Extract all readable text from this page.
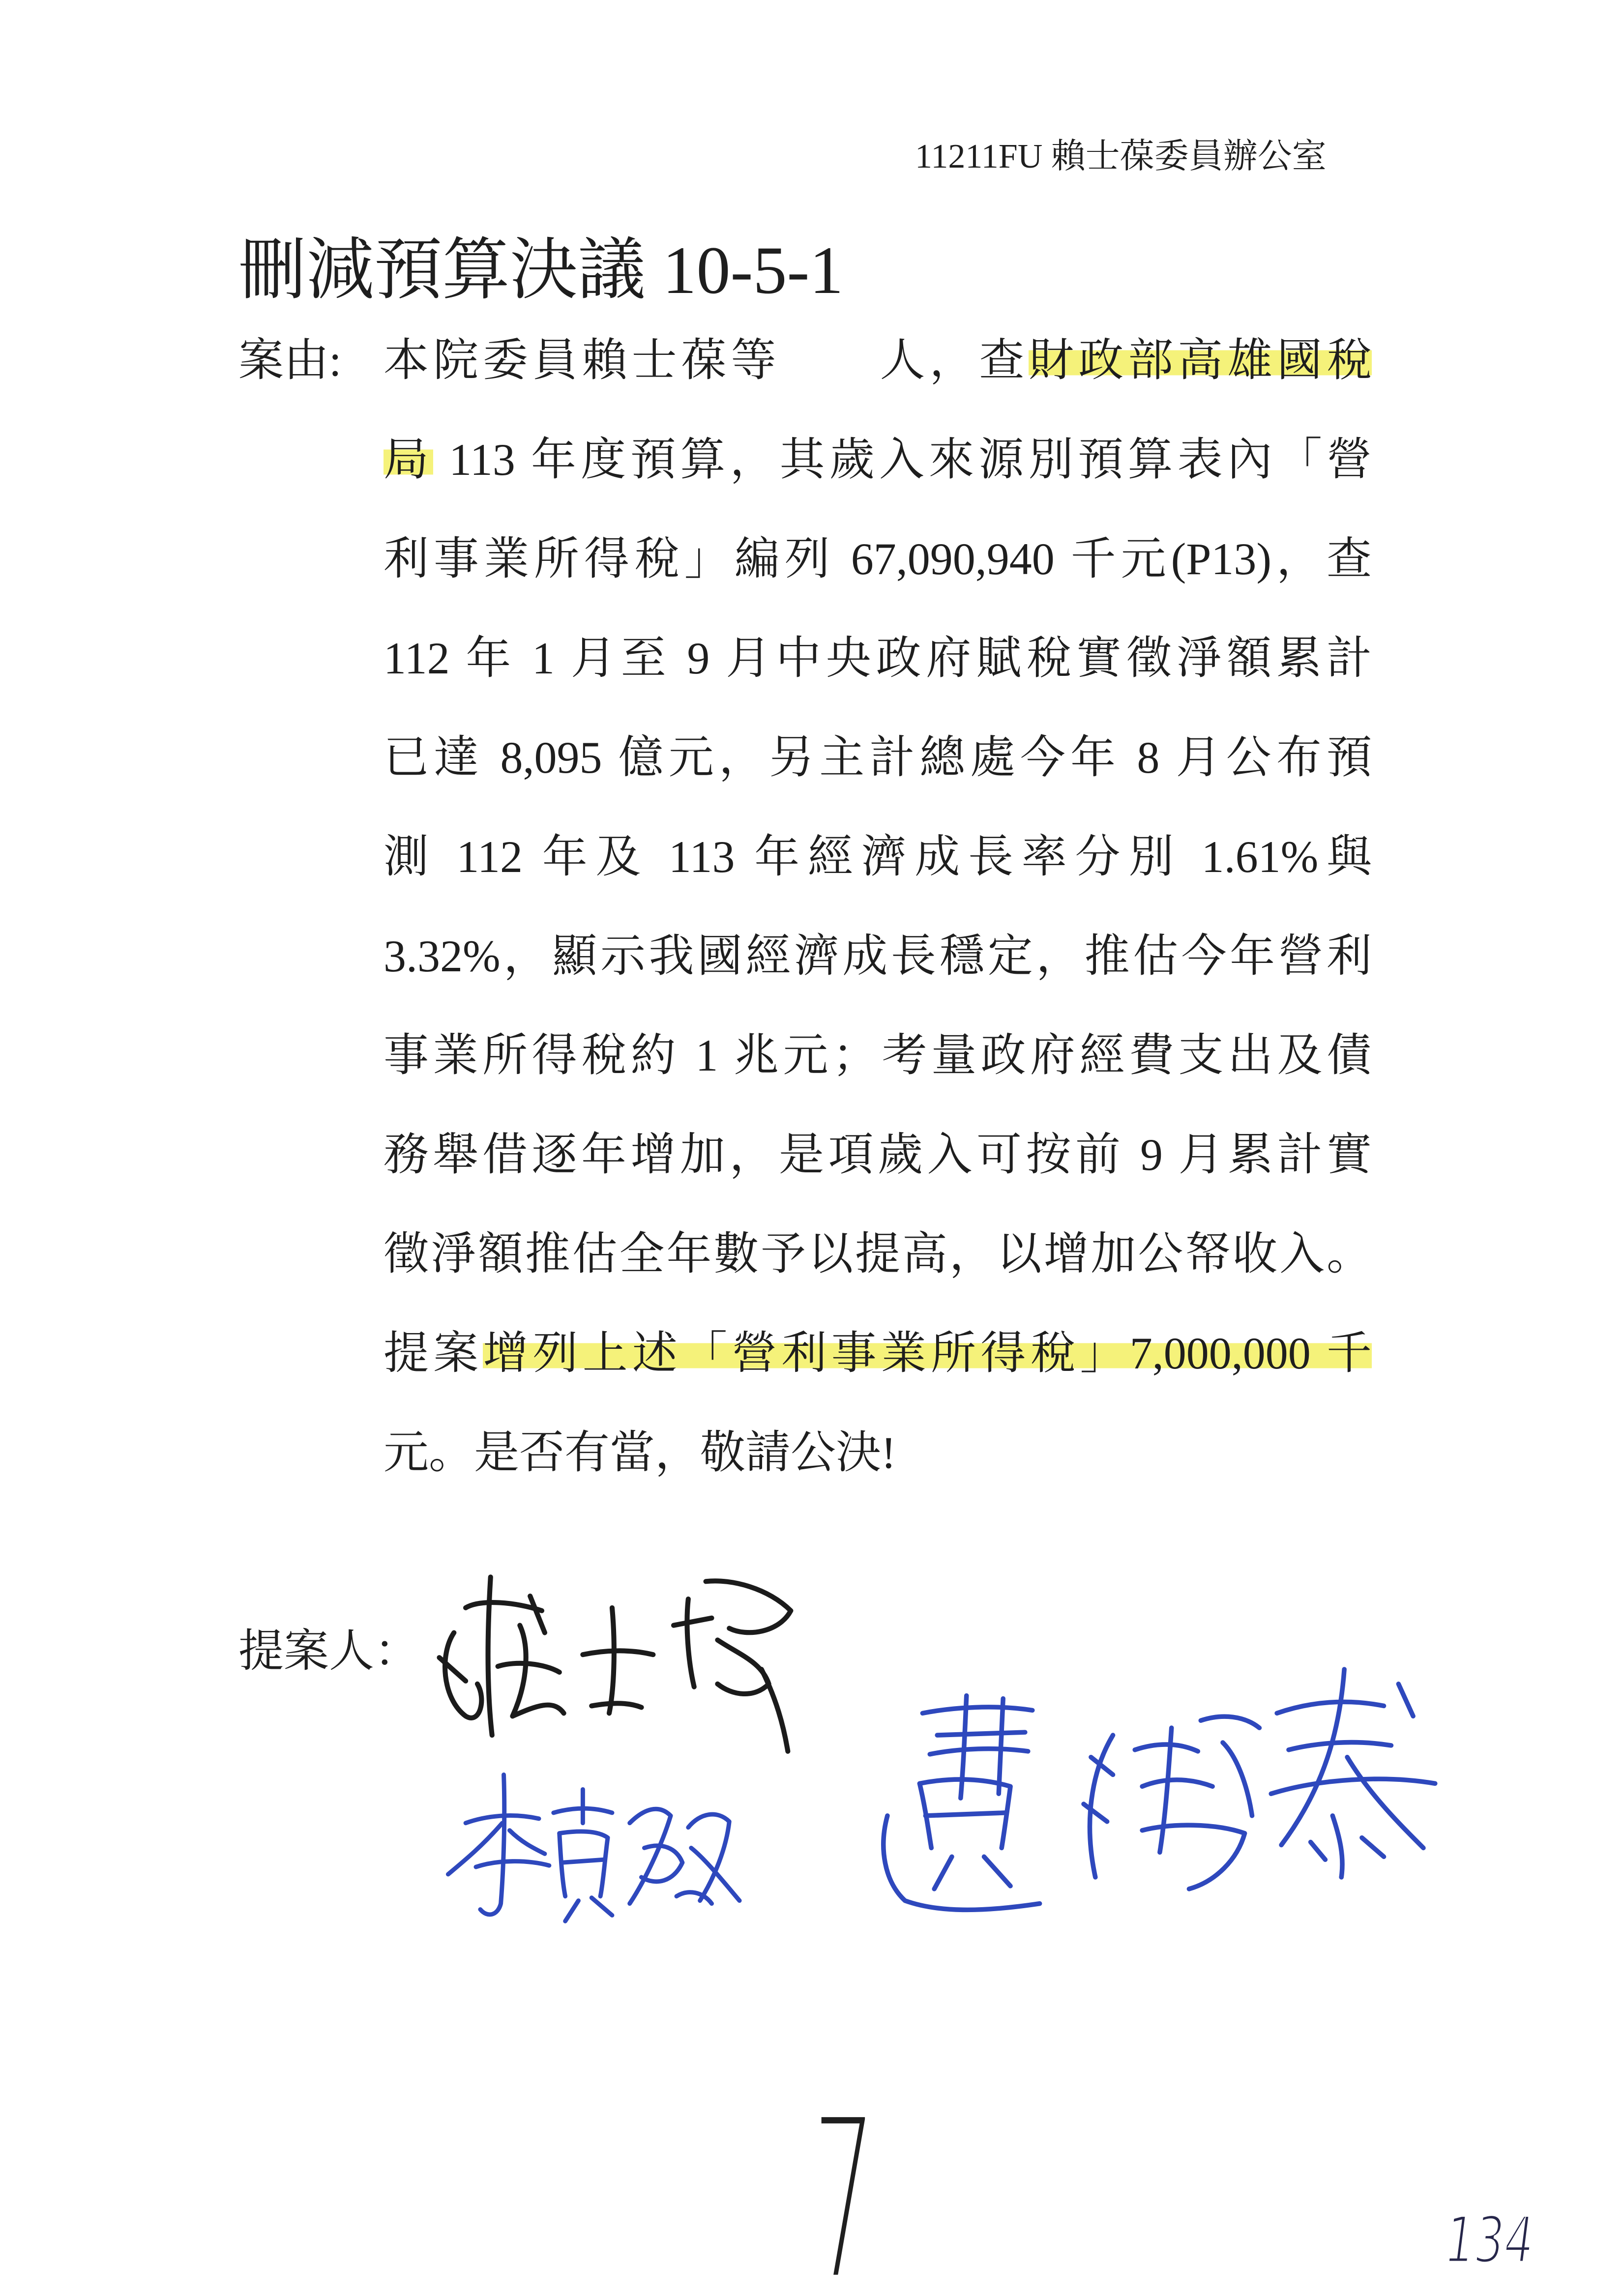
11211FU 賴士葆委員辦公室
刪減預算決議 10-5-1
案由: 本院委員賴士葆等　　人，查財政部高雄國稅
局 113 年度預算，其歲入來源別預算表內「營
利事業所得稅」編列 67,090,940 千元(P13)，查
112 年 1 月至 9 月中央政府賦稅實徵淨額累計
已達 8,095 億元，另主計總處今年 8 月公布預
測 112 年及 113 年經濟成長率分別 1.61%與
3.32%，顯示我國經濟成長穩定，推估今年營利
事業所得稅約 1 兆元；考量政府經費支出及債
務舉借逐年增加，是項歲入可按前 9 月累計實
徵淨額推估全年數予以提高，以增加公帑收入。
提案增列上述「營利事業所得稅」7,000,000 千
元。是否有當，敬請公決!
提案人：
7	134
